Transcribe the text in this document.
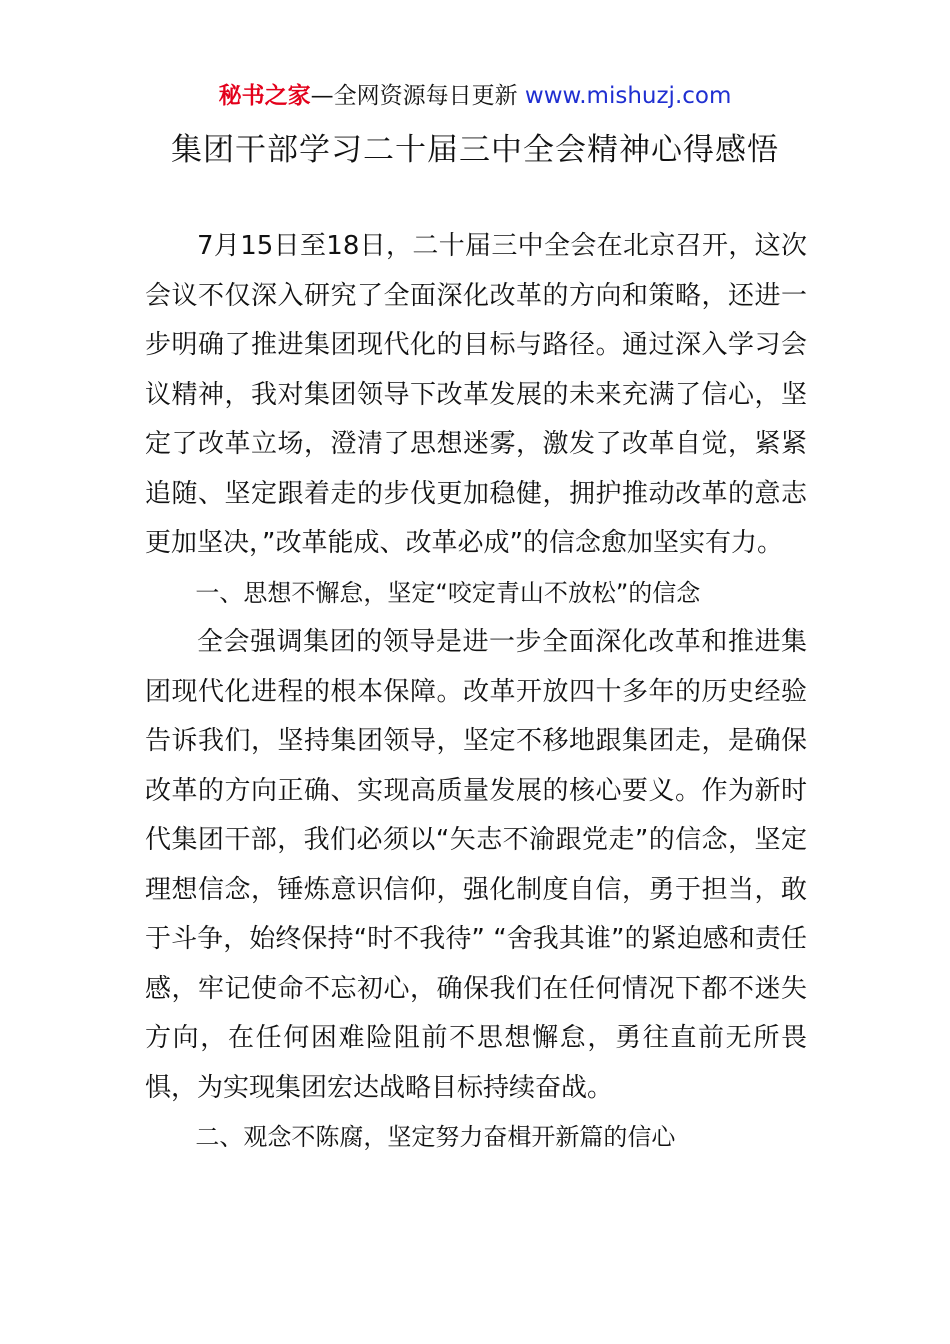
秘书之家—全网资源每日更新 www.mishuzj.com
集团干部学习二十届三中全会精神心得感悟

7月15日至18日，二十届三中全会在北京召开，这次会议不仅深入研究了全面深化改革的方向和策略，还进一步明确了推进集团现代化的目标与路径。通过深入学习会议精神，我对集团领导下改革发展的未来充满了信心，坚定了改革立场，澄清了思想迷雾，激发了改革自觉，紧紧追随、坚定跟着走的步伐更加稳健，拥护推动改革的意志更加坚决，”改革能成、改革必成”的信念愈加坚实有力。

一、思想不懈怠，坚定“咬定青山不放松”的信念

全会强调集团的领导是进一步全面深化改革和推进集团现代化进程的根本保障。改革开放四十多年的历史经验告诉我们，坚持集团领导，坚定不移地跟集团走，是确保改革的方向正确、实现高质量发展的核心要义。作为新时代集团干部，我们必须以“矢志不渝跟党走”的信念，坚定理想信念，锤炼意识信仰，强化制度自信，勇于担当，敢于斗争，始终保持“时不我待” “舍我其谁”的紧迫感和责任感，牢记使命不忘初心，确保我们在任何情况下都不迷失方向，在任何困难险阻前不思想懈怠，勇往直前无所畏惧，为实现集团宏达战略目标持续奋战。

二、观念不陈腐，坚定努力奋楫开新篇的信心
